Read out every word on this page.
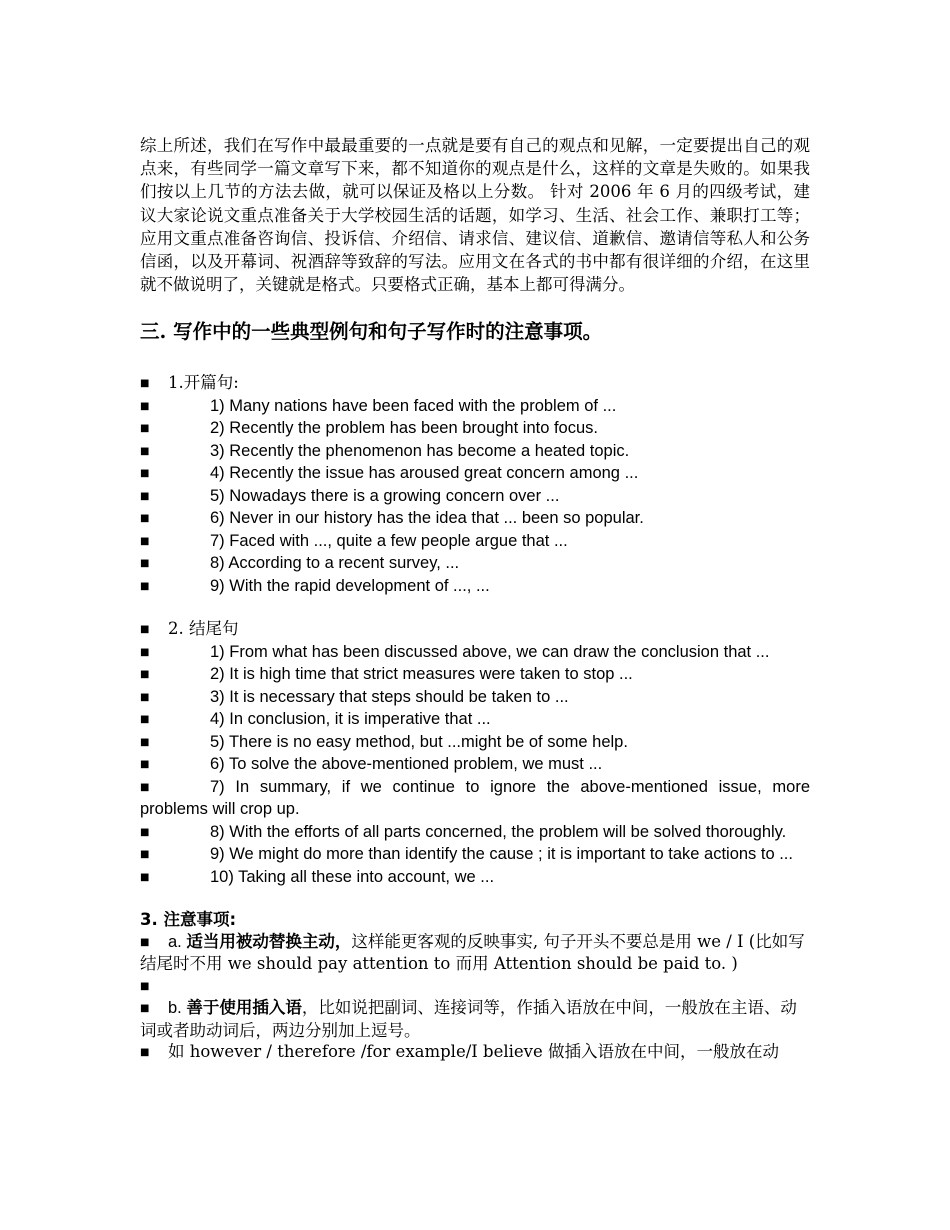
综上所述，我们在写作中最最重要的一点就是要有自己的观点和见解，一定要提出自己的观点来，有些同学一篇文章写下来，都不知道你的观点是什么，这样的文章是失败的。如果我们按以上几节的方法去做，就可以保证及格以上分数。 针对 2006 年 6 月的四级考试，建议大家论说文重点准备关于大学校园生活的话题，如学习、生活、社会工作、兼职打工等；应用文重点准备咨询信、投诉信、介绍信、请求信、建议信、道歉信、邀请信等私人和公务信函，以及开幕词、祝酒辞等致辞的写法。应用文在各式的书中都有很详细的介绍，在这里就不做说明了，关键就是格式。只要格式正确，基本上都可得满分。

三. 写作中的一些典型例句和句子写作时的注意事项。
■ 1.开篇句:
■	1) Many nations have been faced with the problem of ...
■	2) Recently the problem has been brought into focus.
■	3) Recently the phenomenon has become a heated topic.
■	4) Recently the issue has aroused great concern among ...
■	5) Nowadays there is a growing concern over ...
■	6) Never in our history has the idea that ... been so popular.
■	7) Faced with ..., quite a few people argue that ...
■	8) According to a recent survey, ...
■	9) With the rapid development of ..., ...
■ 2. 结尾句
■	1) From what has been discussed above, we can draw the conclusion that ...
■	2) It is high time that strict measures were taken to stop ...
■	3) It is necessary that steps should be taken to ...
■	4) In conclusion, it is imperative that ...
■	5) There is no easy method, but ...might be of some help.
■	6) To solve the above-mentioned problem, we must ...
■	7) In summary, if we continue to ignore the above-mentioned issue, more problems will crop up.
■	8) With the efforts of all parts concerned, the problem will be solved thoroughly.
■	9) We might do more than identify the cause ; it is important to take actions to ...
■	10) Taking all these into account, we ...
3. 注意事项:
■ a. 适当用被动替换主动，这样能更客观的反映事实, 句子开头不要总是用 we / I (比如写结尾时不用 we should pay attention to 而用 Attention should be paid to. )
■
■ b. 善于使用插入语，比如说把副词、连接词等，作插入语放在中间，一般放在主语、动词或者助动词后，两边分别加上逗号。
■ 如 however / therefore /for example/I believe 做插入语放在中间，一般放在动
